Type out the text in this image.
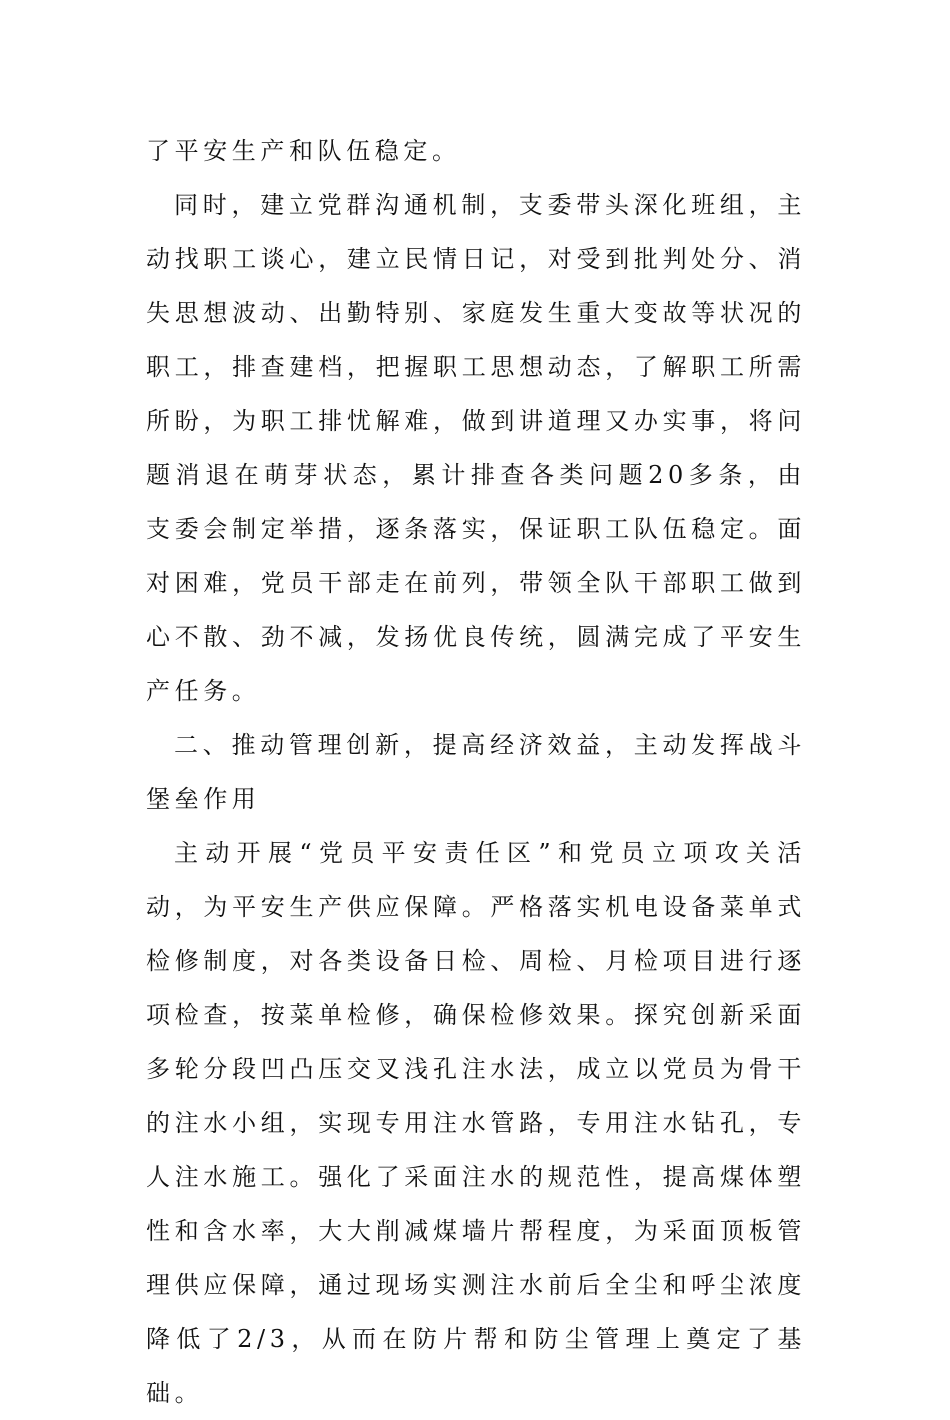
了平安生产和队伍稳定。

同时，建立党群沟通机制，支委带头深化班组，主动找职工谈心，建立民情日记，对受到批判处分、消失思想波动、出勤特别、家庭发生重大变故等状况的职工，排查建档，把握职工思想动态，了解职工所需所盼，为职工排忧解难，做到讲道理又办实事，将问题消退在萌芽状态，累计排查各类问题20多条，由支委会制定举措，逐条落实，保证职工队伍稳定。面对困难，党员干部走在前列，带领全队干部职工做到心不散、劲不减，发扬优良传统，圆满完成了平安生产任务。

二、推动管理创新，提高经济效益，主动发挥战斗堡垒作用

主动开展“党员平安责任区”和党员立项攻关活动，为平安生产供应保障。严格落实机电设备菜单式检修制度，对各类设备日检、周检、月检项目进行逐项检查，按菜单检修，确保检修效果。探究创新采面多轮分段凹凸压交叉浅孔注水法，成立以党员为骨干的注水小组，实现专用注水管路，专用注水钻孔，专人注水施工。强化了采面注水的规范性，提高煤体塑性和含水率，大大削减煤墙片帮程度，为采面顶板管理供应保障，通过现场实测注水前后全尘和呼尘浓度降低了2/3，从而在防片帮和防尘管理上奠定了基础。
